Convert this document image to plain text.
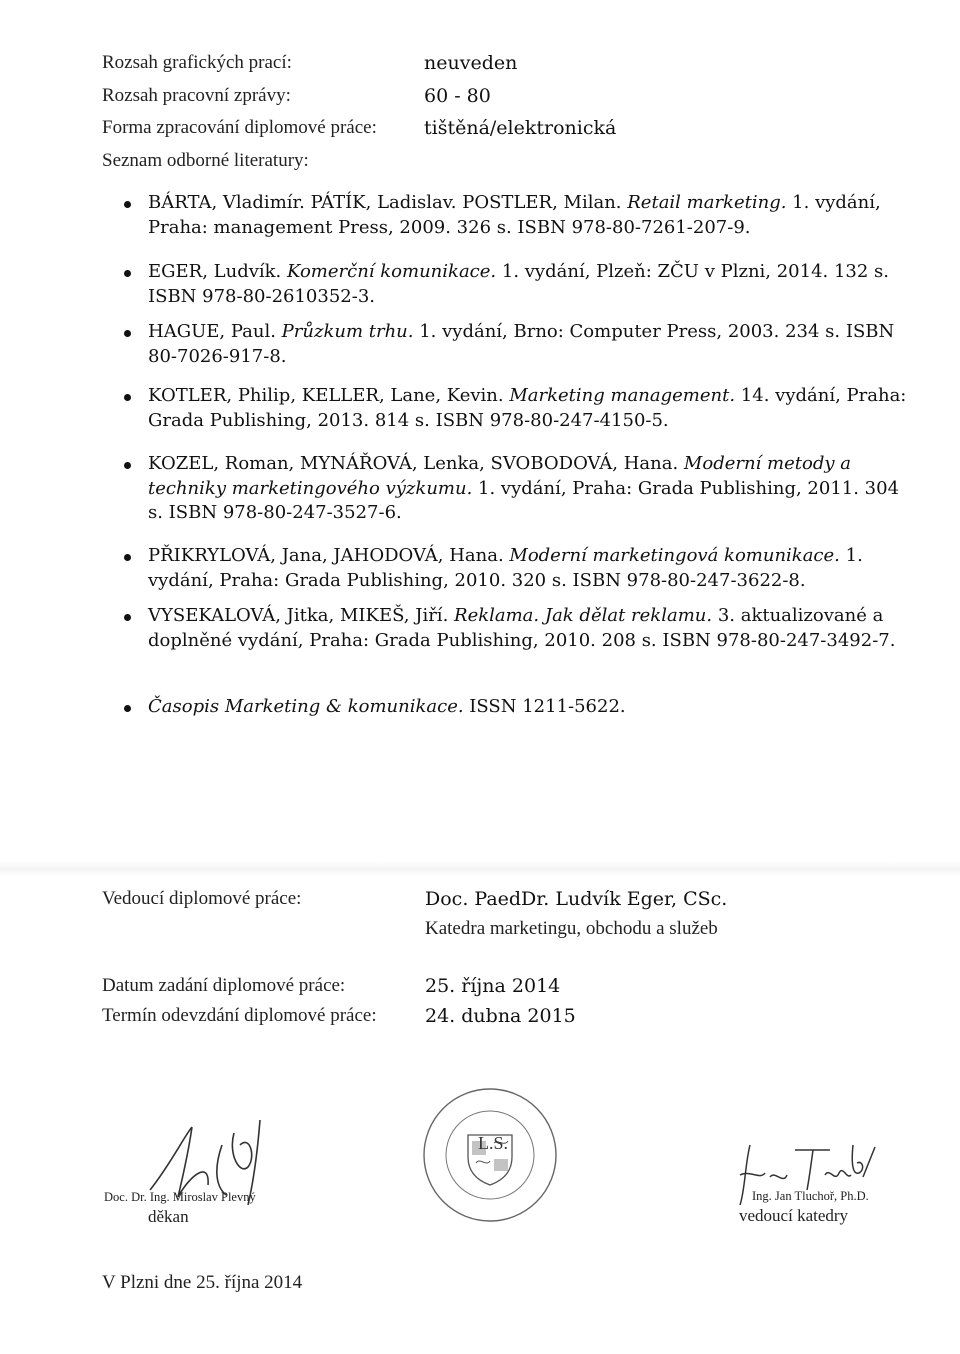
Rozsah grafických prací:	neuveden
Rozsah pracovní zprávy:	60 - 80
Forma zpracování diplomové práce: tištěná/elektronická
Seznam odborné literatury:
BÁRTA, Vladimír. PÁTÍK, Ladislav. POSTLER, Milan. Retail marketing. 1. vydání, Praha: management Press, 2009. 326 s. ISBN 978-80-7261-207-9.
EGER, Ludvík. Komerční komunikace. 1. vydání, Plzeň: ZČU v Plzni, 2014. 132 s. ISBN 978-80-2610352-3.
HAGUE, Paul. Průzkum trhu. 1. vydání, Brno: Computer Press, 2003. 234 s. ISBN 80-7026-917-8.
KOTLER, Philip, KELLER, Lane, Kevin. Marketing management. 14. vydání, Praha: Grada Publishing, 2013. 814 s. ISBN 978-80-247-4150-5.
KOZEL, Roman, MYNÁŘOVÁ, Lenka, SVOBODOVÁ, Hana. Moderní metody a techniky marketingového výzkumu. 1. vydání, Praha: Grada Publishing, 2011. 304 s. ISBN 978-80-247-3527-6.
PŘIKRYLOVÁ, Jana, JAHODOVÁ, Hana. Moderní marketingová komunikace. 1. vydání, Praha: Grada Publishing, 2010. 320 s. ISBN 978-80-247-3622-8.
VYSEKALOVÁ, Jitka, MIKEŠ, Jiří. Reklama. Jak dělat reklamu. 3. aktualizované a doplněné vydání, Praha: Grada Publishing, 2010. 208 s. ISBN 978-80-247-3492-7.
Časopis Marketing & komunikace. ISSN 1211-5622.
Vedoucí diplomové práce:	Doc. PaedDr. Ludvík Eger, CSc.
Katedra marketingu, obchodu a služeb
Datum zadání diplomové práce:	25. října 2014
Termín odevzdání diplomové práce:	24. dubna 2015
Doc. Dr. Ing. Miroslav Plevný
děkan
L.S.
Ing. Jan Tluchoř, Ph.D.
vedoucí katedry
V Plzni dne 25. října 2014
